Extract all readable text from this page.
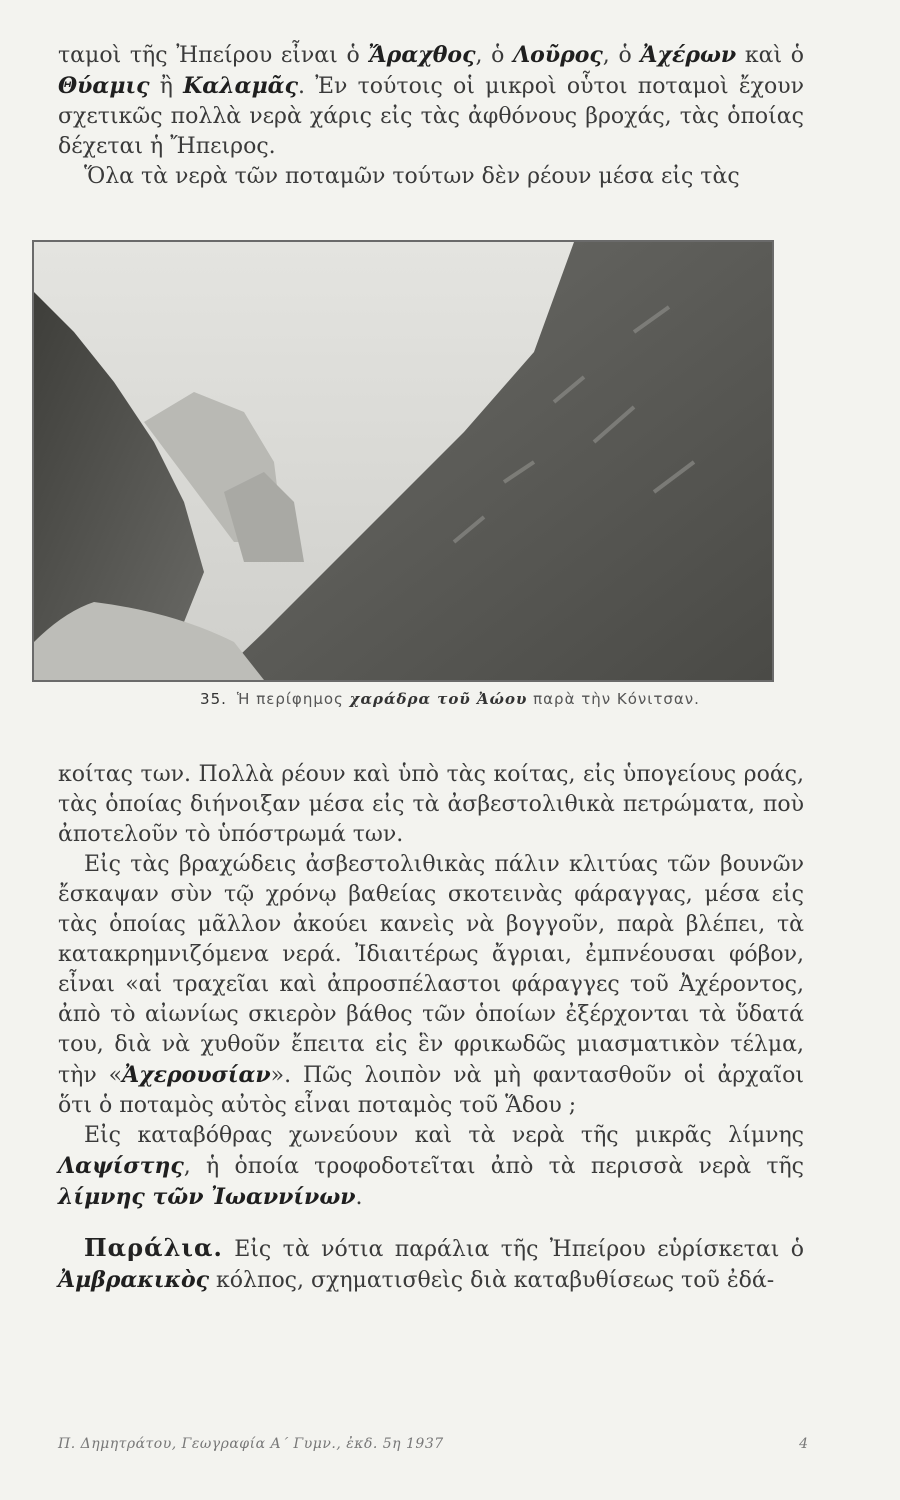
ταμοὶ τῆς Ἠπείρου εἶναι ὁ Ἄραχθος, ὁ Λοῦρος, ὁ Ἀχέρων καὶ ὁ Θύαμις ἢ Καλαμᾶς. Ἐν τούτοις οἱ μικροὶ οὗτοι ποταμοὶ ἔχουν σχετικῶς πολλὰ νερὰ χάρις εἰς τὰς ἀφθόνους βροχάς, τὰς ὁποίας δέχεται ἡ Ἤπειρος.

Ὅλα τὰ νερὰ τῶν ποταμῶν τούτων δὲν ρέουν μέσα εἰς τὰς

35. Ἡ περίφημος χαράδρα τοῦ Ἀώου παρὰ τὴν Κόνιτσαν.

κοίτας των. Πολλὰ ρέουν καὶ ὑπὸ τὰς κοίτας, εἰς ὑπογείους ροάς, τὰς ὁποίας διήνοιξαν μέσα εἰς τὰ ἀσβεστολιθικὰ πετρώματα, ποὺ ἀποτελοῦν τὸ ὑπόστρωμά των.

Εἰς τὰς βραχώδεις ἀσβεστολιθικὰς πάλιν κλιτύας τῶν βουνῶν ἔσκαψαν σὺν τῷ χρόνῳ βαθείας σκοτεινὰς φάραγγας, μέσα εἰς τὰς ὁποίας μᾶλλον ἀκούει κανεὶς νὰ βογγοῦν, παρὰ βλέπει, τὰ κατακρημνιζόμενα νερά. Ἰδιαιτέρως ἄγριαι, ἐμπνέουσαι φόβον, εἶναι «αἱ τραχεῖαι καὶ ἀπροσπέλαστοι φάραγγες τοῦ Ἀχέροντος, ἀπὸ τὸ αἰωνίως σκιερὸν βάθος τῶν ὁποίων ἐξέρχονται τὰ ὕδατά του, διὰ νὰ χυθοῦν ἔπειτα εἰς ἓν φρικωδῶς μιασματικὸν τέλμα, τὴν «Ἀχερουσίαν». Πῶς λοιπὸν νὰ μὴ φαντασθοῦν οἱ ἀρχαῖοι ὅτι ὁ ποταμὸς αὐτὸς εἶναι ποταμὸς τοῦ Ἅδου ;

Εἰς καταβόθρας χωνεύουν καὶ τὰ νερὰ τῆς μικρᾶς λίμνης Λαψίστης, ἡ ὁποία τροφοδοτεῖται ἀπὸ τὰ περισσὰ νερὰ τῆς λίμνης τῶν Ἰωαννίνων.

Παράλια. Εἰς τὰ νότια παράλια τῆς Ἠπείρου εὑρίσκεται ὁ Ἀμβρακικὸς κόλπος, σχηματισθεὶς διὰ καταβυθίσεως τοῦ ἐδά-

Π. Δημητράτου, Γεωγραφία Α΄ Γυμν., ἐκδ. 5η 1937	4
